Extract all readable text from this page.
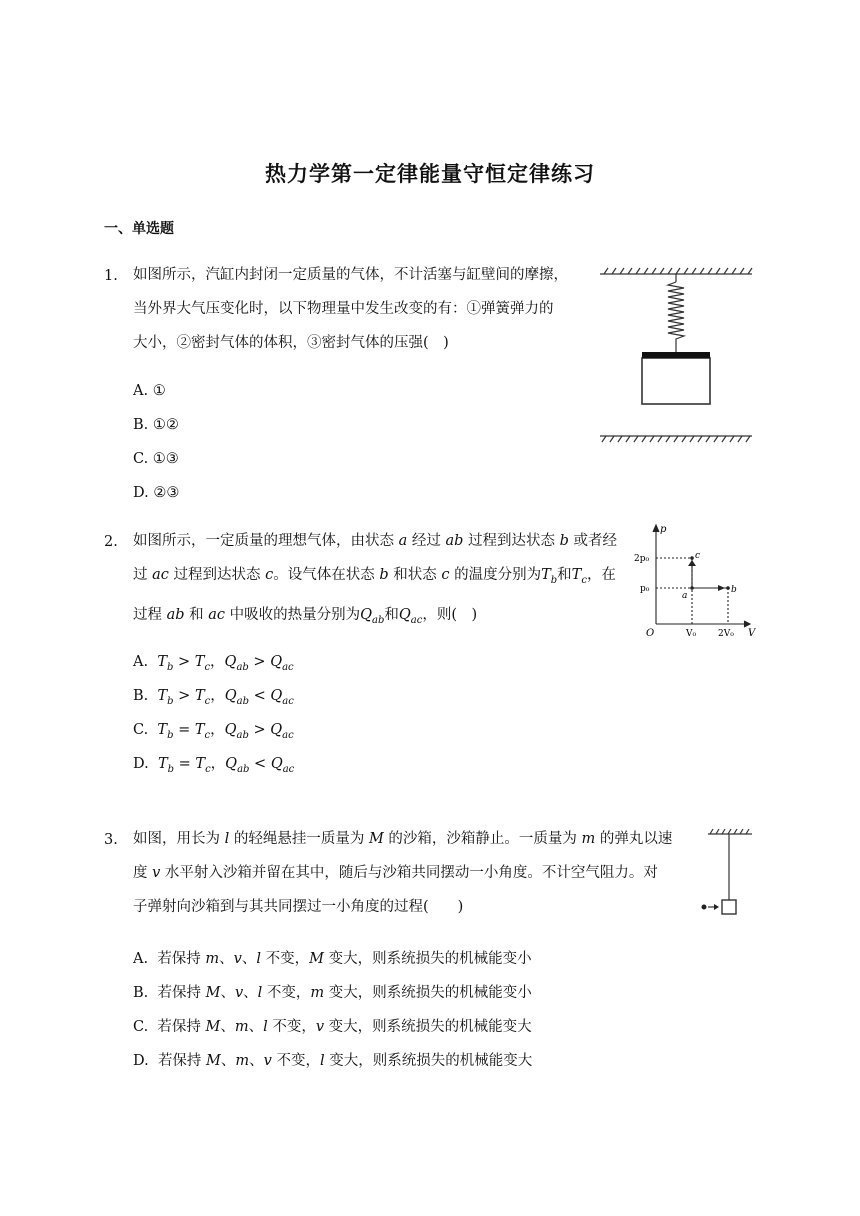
热力学第一定律能量守恒定律练习
一、单选题
1. 如图所示，汽缸内封闭一定质量的气体，不计活塞与缸壁间的摩擦，
当外界大气压变化时，以下物理量中发生改变的有：①弹簧弹力的
大小，②密封气体的体积，③密封气体的压强(　)
A. ①
B. ①②
C. ①③
D. ②③
2. 如图所示，一定质量的理想气体，由状态 a 经过 ab 过程到达状态 b 或者经
过 ac 过程到达状态 c。设气体在状态 b 和状态 c 的温度分别为$T_b$和$T_c$，在
过程 ab 和 ac 中吸收的热量分别为$Q_{ab}$和$Q_{ac}$，则(　)
A. $T_b > T_c$，$Q_{ab} > Q_{ac}$
B. $T_b > T_c$，$Q_{ab} < Q_{ac}$
C. $T_b = T_c$，$Q_{ab} > Q_{ac}$
D. $T_b = T_c$，$Q_{ab} < Q_{ac}$
p
V
O
2p₀
p₀
V₀ 2V₀
a
b
c
3. 如图，用长为 l 的轻绳悬挂一质量为 M 的沙箱，沙箱静止。一质量为 m 的弹丸以速
度 v 水平射入沙箱并留在其中，随后与沙箱共同摆动一小角度。不计空气阻力。对
子弹射向沙箱到与其共同摆过一小角度的过程(　　)
A. 若保持 m、v、l 不变，M 变大，则系统损失的机械能变小
B. 若保持 M、v、l 不变，m 变大，则系统损失的机械能变小
C. 若保持 M、m、l 不变，v 变大，则系统损失的机械能变大
D. 若保持 M、m、v 不变，l 变大，则系统损失的机械能变大
